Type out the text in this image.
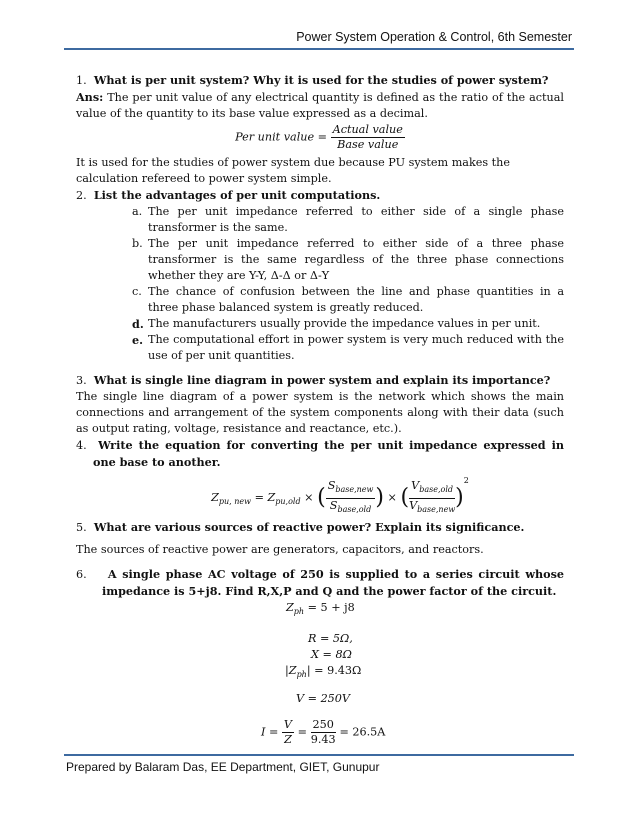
Power System Operation & Control, 6th Semester

1. What is per unit system? Why it is used for the studies of power system?

Ans: The per unit value of any electrical quantity is defined as the ratio of the actual value of the quantity to its base value expressed as a decimal.

Per unit value = $\frac{\text{Actual value}}{\text{Base value}}$

It is used for the studies of power system due because PU system makes the calculation refereed to power system simple.

2. List the advantages of per unit computations.

a. The per unit impedance referred to either side of a single phase transformer is the same.
b. The per unit impedance referred to either side of a three phase transformer is the same regardless of the three phase connections whether they are Y-Y, Δ-Δ or Δ-Y
c. The chance of confusion between the line and phase quantities in a three phase balanced system is greatly reduced.
d. The manufacturers usually provide the impedance values in per unit.
e. The computational effort in power system is very much reduced with the use of per unit quantities.

3. What is single line diagram in power system and explain its importance?

The single line diagram of a power system is the network which shows the main connections and arrangement of the system components along with their data (such as output rating, voltage, resistance and reactance, etc.).

4. Write the equation for converting the per unit impedance expressed in one base to another.

$Z_{pu, new} = Z_{pu,old}$ × ( $\frac{S_{base,new}}{S_{base,old}}$ ) × ( $\frac{V_{base,old}}{V_{base,new}} )^2$

5. What are various sources of reactive power? Explain its significance.

The sources of reactive power are generators, capacitors, and reactors.

6. A single phase AC voltage of 250 is supplied to a series circuit whose impedance is 5+j8. Find R,X,P and Q and the power factor of the circuit.

$Z_{ph} = 5 + j8$
R = 5Ω,
X = 8Ω
$|Z_{ph}| = 9.43\Omega$
V = 250V
$I = \frac{V}{Z} = \frac{250}{9.43} = 26.5A$
Prepared by Balaram Das, EE Department, GIET, Gunupur
